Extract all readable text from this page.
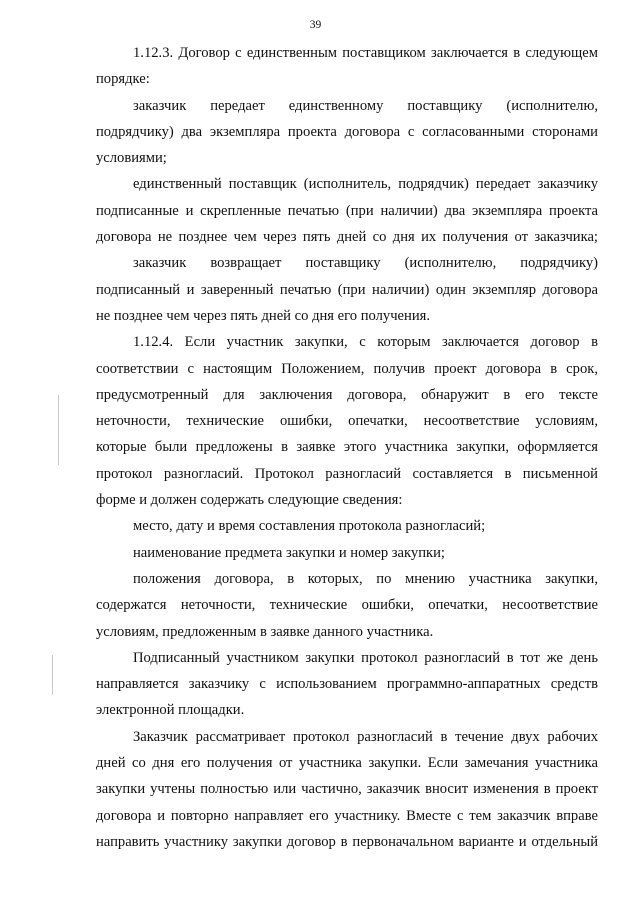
39
1.12.3. Договор с единственным поставщиком заключается в следующем
порядке:
заказчик передает единственному поставщику (исполнителю,
подрядчику) два экземпляра проекта договора с согласованными сторонами
условиями;
единственный поставщик (исполнитель, подрядчик) передает заказчику
подписанные и скрепленные печатью (при наличии) два экземпляра проекта
договора не позднее чем через пять дней со дня их получения от заказчика;
заказчик возвращает поставщику (исполнителю, подрядчику)
подписанный и заверенный печатью (при наличии) один экземпляр договора
не позднее чем через пять дней со дня его получения.
1.12.4. Если участник закупки, с которым заключается договор в
соответствии с настоящим Положением, получив проект договора в срок,
предусмотренный для заключения договора, обнаружит в его тексте
неточности, технические ошибки, опечатки, несоответствие условиям,
которые были предложены в заявке этого участника закупки, оформляется
протокол разногласий. Протокол разногласий составляется в письменной
форме и должен содержать следующие сведения:
место, дату и время составления протокола разногласий;
наименование предмета закупки и номер закупки;
положения договора, в которых, по мнению участника закупки,
содержатся неточности, технические ошибки, опечатки, несоответствие
условиям, предложенным в заявке данного участника.
Подписанный участником закупки протокол разногласий в тот же день
направляется заказчику с использованием программно-аппаратных средств
электронной площадки.
Заказчик рассматривает протокол разногласий в течение двух рабочих
дней со дня его получения от участника закупки. Если замечания участника
закупки учтены полностью или частично, заказчик вносит изменения в проект
договора и повторно направляет его участнику. Вместе с тем заказчик вправе
направить участнику закупки договор в первоначальном варианте и отдельный
